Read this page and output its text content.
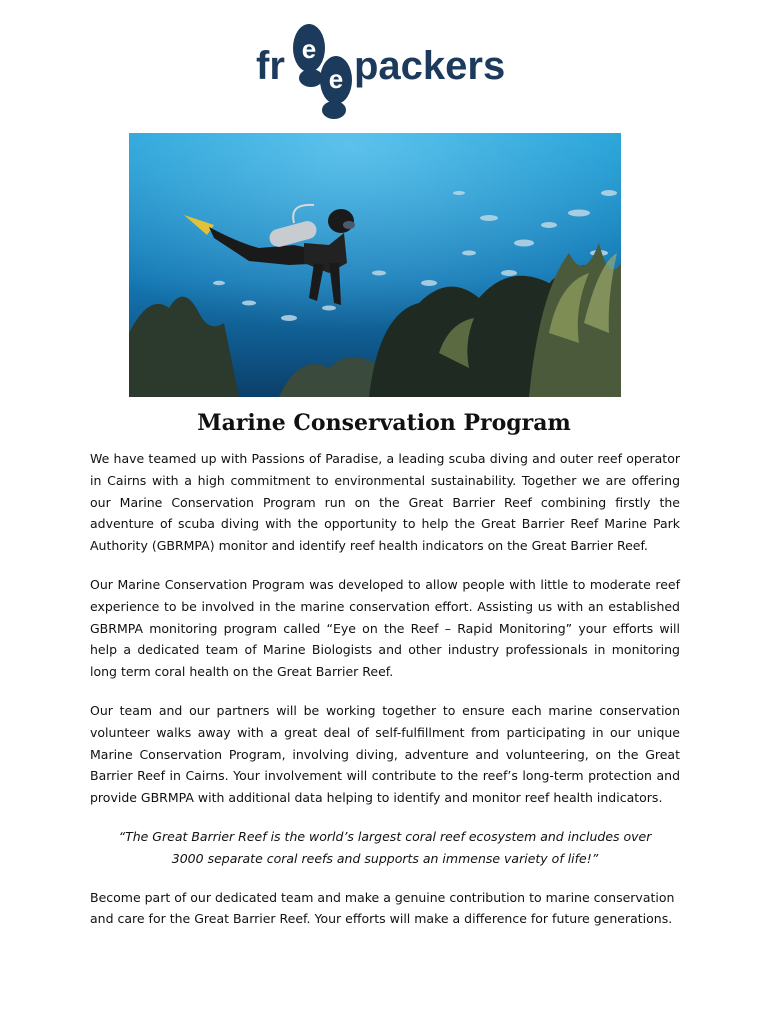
fr e
e packers
Marine Conservation Program

We have teamed up with Passions of Paradise, a leading scuba diving and outer reef operator in Cairns with a high commitment to environmental sustainability. Together we are offering our Marine Conservation Program run on the Great Barrier Reef combining firstly the adventure of scuba diving with the opportunity to help the Great Barrier Reef Marine Park Authority (GBRMPA) monitor and identify reef health indicators on the Great Barrier Reef.

Our Marine Conservation Program was developed to allow people with little to moderate reef experience to be involved in the marine conservation effort. Assisting us with an established GBRMPA monitoring program called “Eye on the Reef – Rapid Monitoring” your efforts will help a dedicated team of Marine Biologists and other industry professionals in monitoring long term coral health on the Great Barrier Reef.

Our team and our partners will be working together to ensure each marine conservation volunteer walks away with a great deal of self-fulfillment from participating in our unique Marine Conservation Program, involving diving, adventure and volunteering, on the Great Barrier Reef in Cairns. Your involvement will contribute to the reef’s long-term protection and provide GBRMPA with additional data helping to identify and monitor reef health indicators.

“The Great Barrier Reef is the world’s largest coral reef ecosystem and includes over 3000 separate coral reefs and supports an immense variety of life!”

Become part of our dedicated team and make a genuine contribution to marine conservation and care for the Great Barrier Reef. Your efforts will make a difference for future generations.
